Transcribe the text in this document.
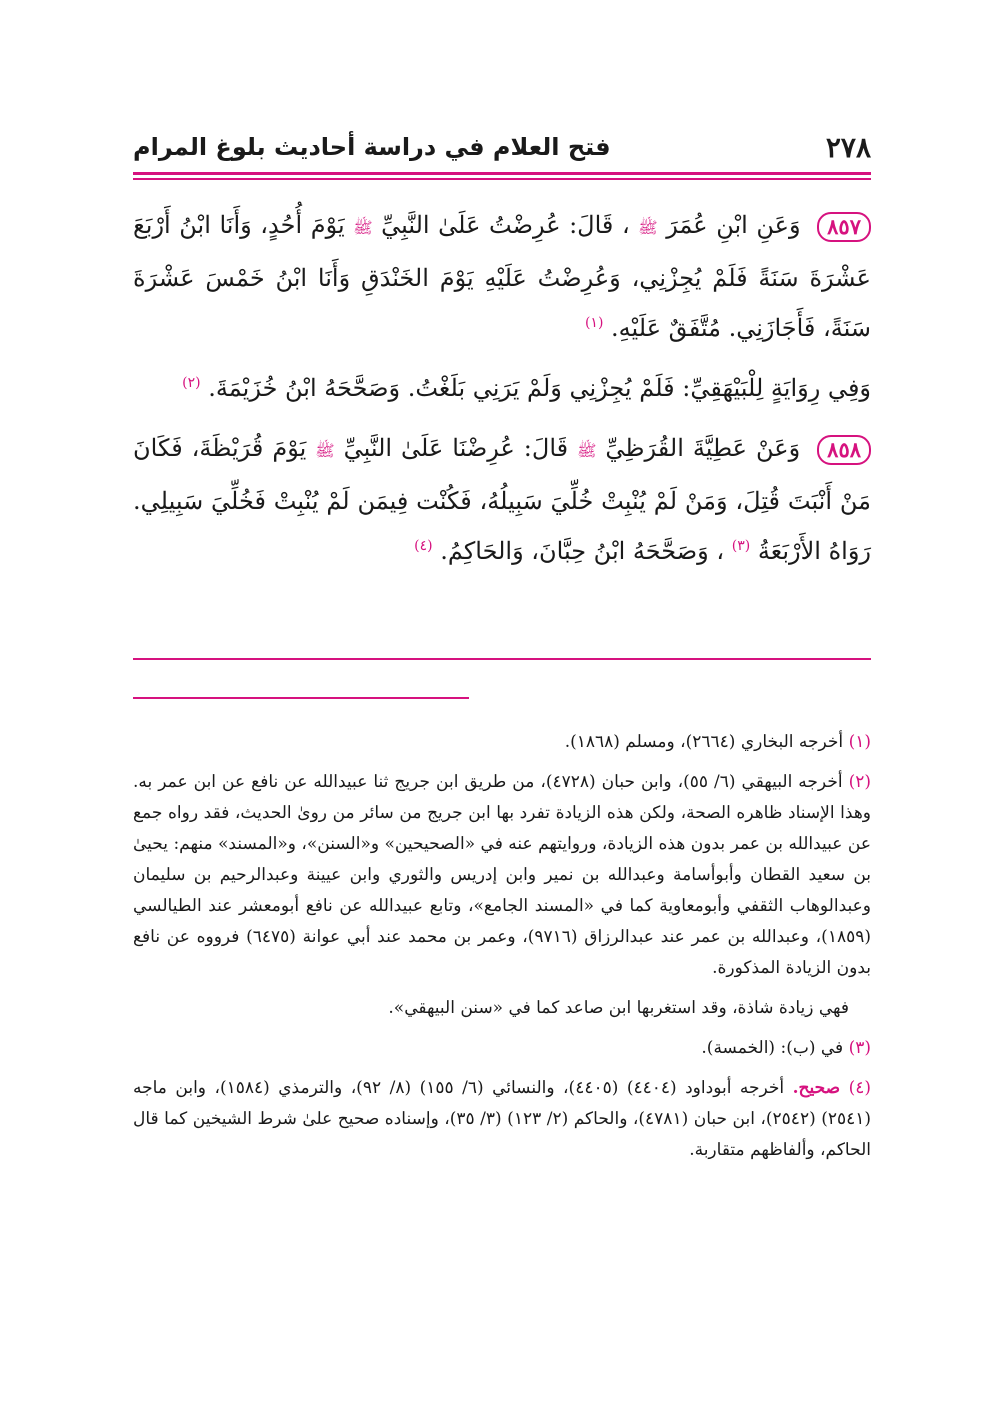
٢٧٨
فتح العلام في دراسة أحاديث بلوغ المرام

٨٥٧ وَعَنِ ابْنِ عُمَرَ ﷺ ، قَالَ: عُرِضْتُ عَلَىٰ النَّبِيِّ ﷺ يَوْمَ أُحُدٍ، وَأَنَا ابْنُ أَرْبَعَ عَشْرَةَ سَنَةً فَلَمْ يُجِزْنِي، وَعُرِضْتُ عَلَيْهِ يَوْمَ الخَنْدَقِ وَأَنَا ابْنُ خَمْسَ عَشْرَةَ سَنَةً، فَأَجَازَنِي. مُتَّفَقٌ عَلَيْهِ. $^{(١)}$

وَفِي رِوَايَةٍ لِلْبَيْهَقِيِّ: فَلَمْ يُجِزْنِي وَلَمْ يَرَنِي بَلَغْتُ. وَصَحَّحَهُ ابْنُ خُزَيْمَةَ. $^{(٢)}$

٨٥٨ وَعَنْ عَطِيَّةَ القُرَظِيِّ ﷺ قَالَ: عُرِضْنَا عَلَىٰ النَّبِيِّ ﷺ يَوْمَ قُرَيْظَةَ، فَكَانَ مَنْ أَنْبَتَ قُتِلَ، وَمَنْ لَمْ يُنْبِتْ خُلِّيَ سَبِيلُهُ، فَكُنْت فِيمَن لَمْ يُنْبِتْ فَخُلِّيَ سَبِيلِي. رَوَاهُ الأَرْبَعَةُ $^{(٣)}$ ، وَصَحَّحَهُ ابْنُ حِبَّانَ، وَالحَاكِمُ. $^{(٤)}$

(١) أخرجه البخاري (٢٦٦٤)، ومسلم (١٨٦٨).

(٢) أخرجه البيهقي (٦/ ٥٥)، وابن حبان (٤٧٢٨)، من طريق ابن جريج ثنا عبيدالله عن نافع عن ابن عمر به. وهذا الإسناد ظاهره الصحة، ولكن هذه الزيادة تفرد بها ابن جريج من سائر من روىٰ الحديث، فقد رواه جمع عن عبيدالله بن عمر بدون هذه الزيادة، وروايتهم عنه في «الصحيحين» و«السنن»، و«المسند» منهم: يحيىٰ بن سعيد القطان وأبوأسامة وعبدالله بن نمير وابن إدريس والثوري وابن عيينة وعبدالرحيم بن سليمان وعبدالوهاب الثقفي وأبومعاوية كما في «المسند الجامع»، وتابع عبيدالله عن نافع أبومعشر عند الطيالسي (١٨٥٩)، وعبدالله بن عمر عند عبدالرزاق (٩٧١٦)، وعمر بن محمد عند أبي عوانة (٦٤٧٥) فرووه عن نافع بدون الزيادة المذكورة.

فهي زيادة شاذة، وقد استغربها ابن صاعد كما في «سنن البيهقي».

(٣) في (ب): (الخمسة).

(٤) صحيح. أخرجه أبوداود (٤٤٠٤) (٤٤٠٥)، والنسائي (٦/ ١٥٥) (٨/ ٩٢)، والترمذي (١٥٨٤)، وابن ماجه (٢٥٤١) (٢٥٤٢)، ابن حبان (٤٧٨١)، والحاكم (٢/ ١٢٣) (٣/ ٣٥)، وإسناده صحيح علىٰ شرط الشيخين كما قال الحاكم، وألفاظهم متقاربة.
